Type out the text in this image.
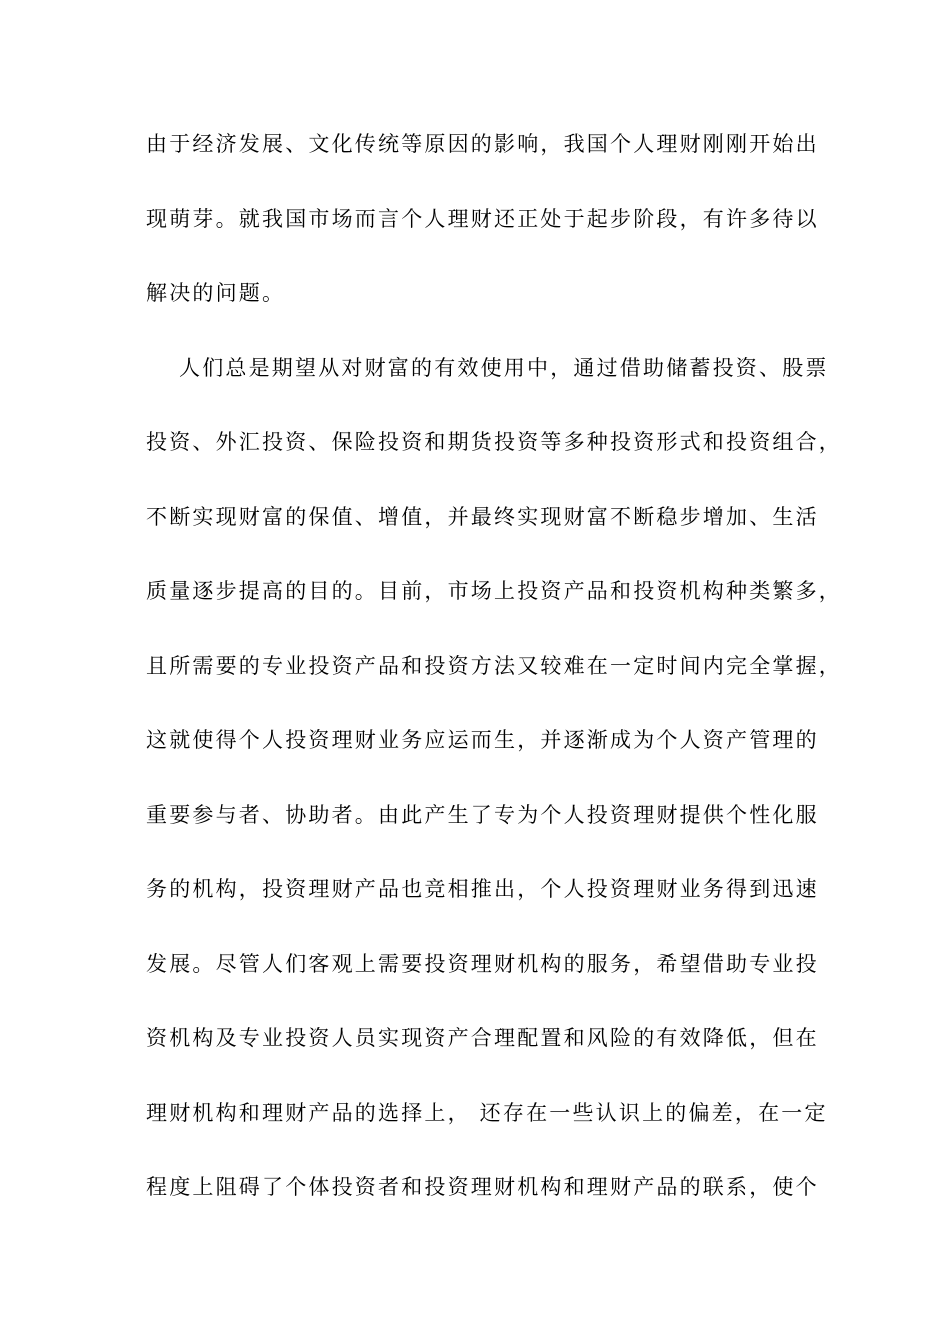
由于经济发展、文化传统等原因的影响，我国个人理财刚刚开始出
现萌芽。就我国市场而言个人理财还正处于起步阶段，有许多待以
解决的问题。
人们总是期望从对财富的有效使用中，通过借助储蓄投资、股票
投资、外汇投资、保险投资和期货投资等多种投资形式和投资组合，
不断实现财富的保值、增值，并最终实现财富不断稳步增加、生活
质量逐步提高的目的。目前，市场上投资产品和投资机构种类繁多，
且所需要的专业投资产品和投资方法又较难在一定时间内完全掌握，
这就使得个人投资理财业务应运而生，并逐渐成为个人资产管理的
重要参与者、协助者。由此产生了专为个人投资理财提供个性化服
务的机构，投资理财产品也竞相推出，个人投资理财业务得到迅速
发展。尽管人们客观上需要投资理财机构的服务，希望借助专业投
资机构及专业投资人员实现资产合理配置和风险的有效降低，但在
理财机构和理财产品的选择上， 还存在一些认识上的偏差，在一定
程度上阻碍了个体投资者和投资理财机构和理财产品的联系，使个
